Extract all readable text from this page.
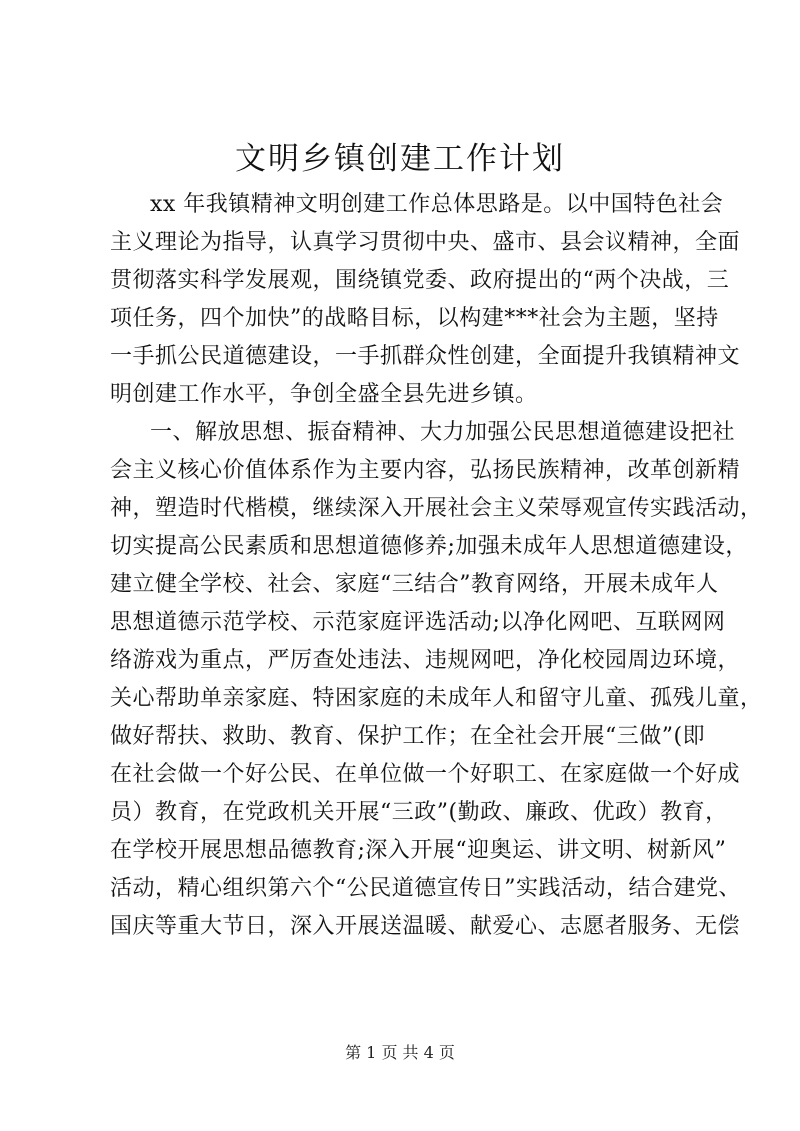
文明乡镇创建工作计划

xx 年我镇精神文明创建工作总体思路是。以中国特色社会
主义理论为指导，认真学习贯彻中央、盛市、县会议精神，全面
贯彻落实科学发展观，围绕镇党委、政府提出的“两个决战，三
项任务，四个加快”的战略目标，以构建***社会为主题，坚持
一手抓公民道德建设，一手抓群众性创建，全面提升我镇精神文
明创建工作水平，争创全盛全县先进乡镇。

一、解放思想、振奋精神、大力加强公民思想道德建设把社
会主义核心价值体系作为主要内容，弘扬民族精神，改革创新精
神，塑造时代楷模，继续深入开展社会主义荣辱观宣传实践活动，
切实提高公民素质和思想道德修养;加强未成年人思想道德建设，
建立健全学校、社会、家庭“三结合”教育网络，开展未成年人
思想道德示范学校、示范家庭评选活动;以净化网吧、互联网网
络游戏为重点，严厉查处违法、违规网吧，净化校园周边环境，
关心帮助单亲家庭、特困家庭的未成年人和留守儿童、孤残儿童，
做好帮扶、救助、教育、保护工作；在全社会开展“三做”(即
在社会做一个好公民、在单位做一个好职工、在家庭做一个好成
员）教育，在党政机关开展“三政”(勤政、廉政、优政）教育，
在学校开展思想品德教育;深入开展“迎奥运、讲文明、树新风”
活动，精心组织第六个“公民道德宣传日”实践活动，结合建党、
国庆等重大节日，深入开展送温暖、献爱心、志愿者服务、无偿

第 1 页 共 4 页
